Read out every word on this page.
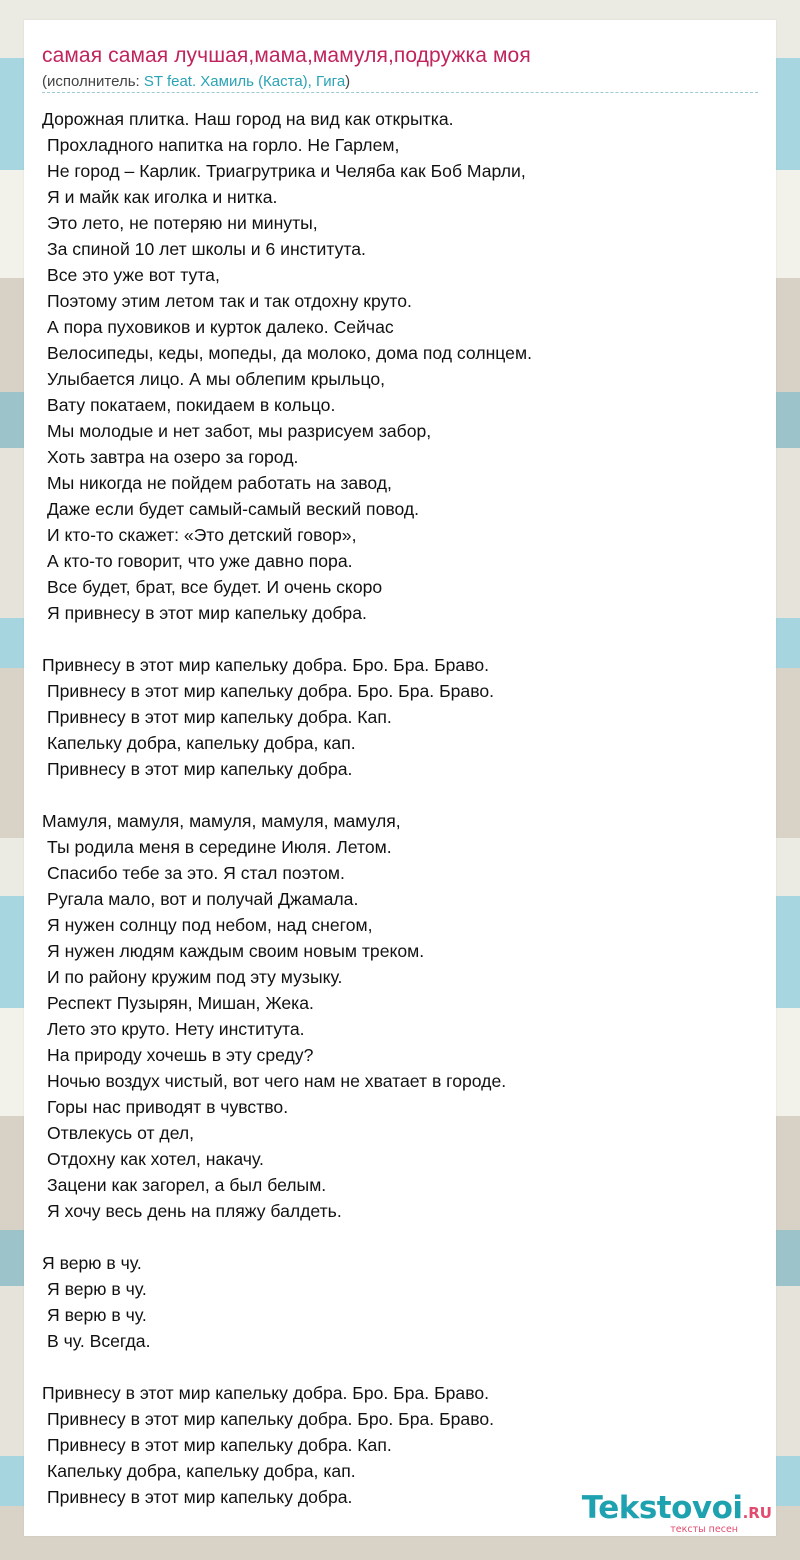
самая самая лучшая,мама,мамуля,подружка моя
(исполнитель: ST feat. Хамиль (Каста), Гига)
Дорожная плитка. Наш город на вид как открытка.
Прохладного напитка на горло. Не Гарлем,
Не город – Карлик. Триагрутрика и Челяба как Боб Марли,
Я и майк как иголка и нитка.
Это лето, не потеряю ни минуты,
За спиной 10 лет школы и 6 института.
Все это уже вот тута,
Поэтому этим летом так и так отдохну круто.
А пора пуховиков и курток далеко. Сейчас
Велосипеды, кеды, мопеды, да молоко, дома под солнцем.
Улыбается лицо. А мы облепим крыльцо,
Вату покатаем, покидаем в кольцо.
Мы молодые и нет забот, мы разрисуем забор,
Хоть завтра на озеро за город.
Мы никогда не пойдем работать на завод,
Даже если будет самый-самый веский повод.
И кто-то скажет: «Это детский говор»,
А кто-то говорит, что уже давно пора.
Все будет, брат, все будет. И очень скоро
Я привнесу в этот мир капельку добра.
Привнесу в этот мир капельку добра. Бро. Бра. Браво.
Привнесу в этот мир капельку добра. Бро. Бра. Браво.
Привнесу в этот мир капельку добра. Кап.
Капельку добра, капельку добра, кап.
Привнесу в этот мир капельку добра.
Мамуля, мамуля, мамуля, мамуля, мамуля,
Ты родила меня в середине Июля. Летом.
Спасибо тебе за это. Я стал поэтом.
Ругала мало, вот и получай Джамала.
Я нужен солнцу под небом, над снегом,
Я нужен людям каждым своим новым треком.
И по району кружим под эту музыку.
Респект Пузырян, Мишан, Жека.
Лето это круто. Нету института.
На природу хочешь в эту среду?
Ночью воздух чистый, вот чего нам не хватает в городе.
Горы нас приводят в чувство.
Отвлекусь от дел,
Отдохну как хотел, накачу.
Зацени как загорел, а был белым.
Я хочу весь день на пляжу балдеть.
Я верю в чу.
Я верю в чу.
Я верю в чу.
В чу. Всегда.
Привнесу в этот мир капельку добра. Бро. Бра. Браво.
Привнесу в этот мир капельку добра. Бро. Бра. Браво.
Привнесу в этот мир капельку добра. Кап.
Капельку добра, капельку добра, кап.
Привнесу в этот мир капельку добра.	Tekstovoi.RU
тексты песен
